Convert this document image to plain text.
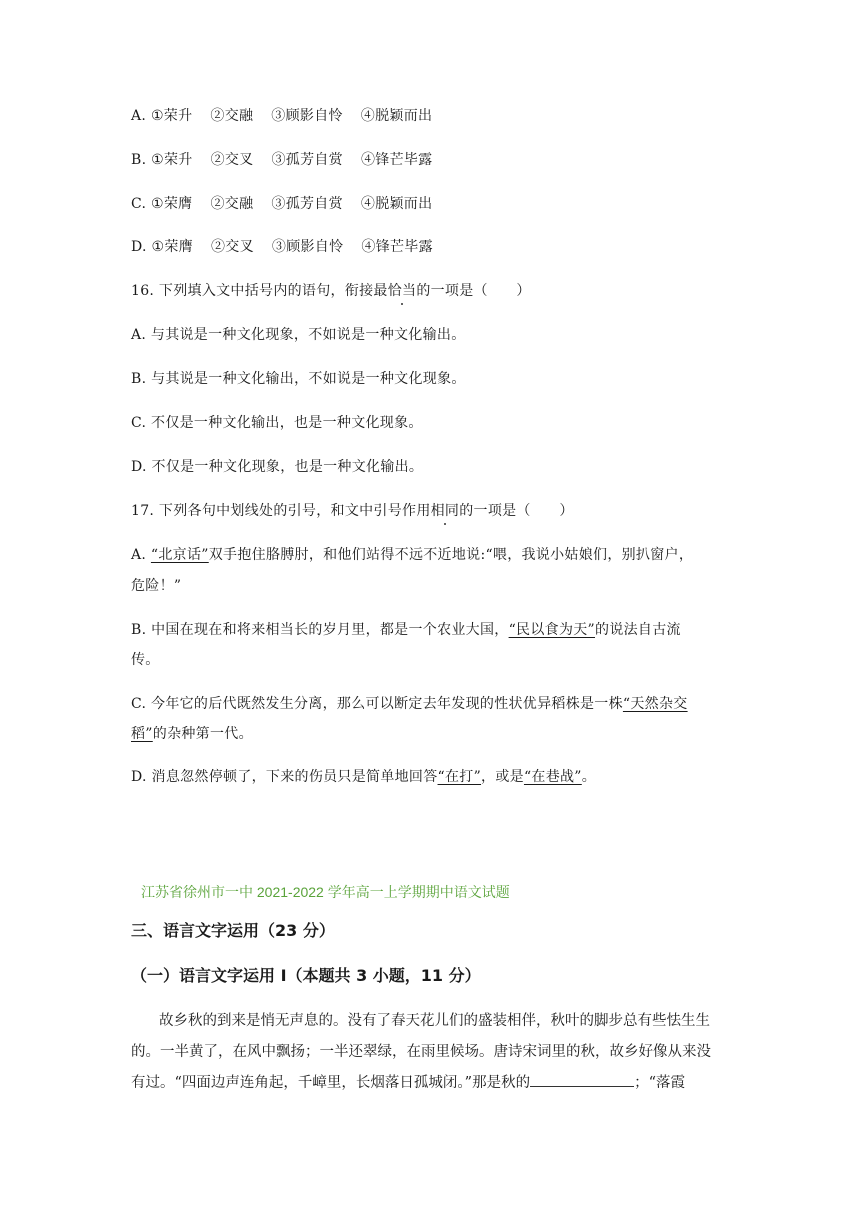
A. ①荣升 ②交融 ③顾影自怜 ④脱颖而出
B. ①荣升 ②交叉 ③孤芳自赏 ④锋芒毕露
C. ①荣膺 ②交融 ③孤芳自赏 ④脱颖而出
D. ①荣膺 ②交叉 ③顾影自怜 ④锋芒毕露
16. 下列填入文中括号内的语句，衔接最恰当的一项是（　　）
A. 与其说是一种文化现象，不如说是一种文化输出。
B. 与其说是一种文化输出，不如说是一种文化现象。
C. 不仅是一种文化输出，也是一种文化现象。
D. 不仅是一种文化现象，也是一种文化输出。
17. 下列各句中划线处的引号，和文中引号作用相同的一项是（　　）
A. “北京话”双手抱住胳膊肘，和他们站得不远不近地说:“喂，我说小姑娘们，别扒窗户，
危险！”
B. 中国在现在和将来相当长的岁月里，都是一个农业大国，“民以食为天”的说法自古流
传。
C. 今年它的后代既然发生分离，那么可以断定去年发现的性状优异稻株是一株“天然杂交
稻”的杂种第一代。
D. 消息忽然停顿了，下来的伤员只是简单地回答“在打”，或是“在巷战”。
江苏省徐州市一中 2021-2022 学年高一上学期期中语文试题
三、语言文字运用（23 分）
（一）语言文字运用 I（本题共 3 小题，11 分）
故乡秋的到来是悄无声息的。没有了春天花儿们的盛装相伴，秋叶的脚步总有些怯生生
的。一半黄了，在风中飘扬；一半还翠绿，在雨里候场。唐诗宋词里的秋，故乡好像从来没
有过。“四面边声连角起，千嶂里，长烟落日孤城闭。”那是秋的	；“落霞
